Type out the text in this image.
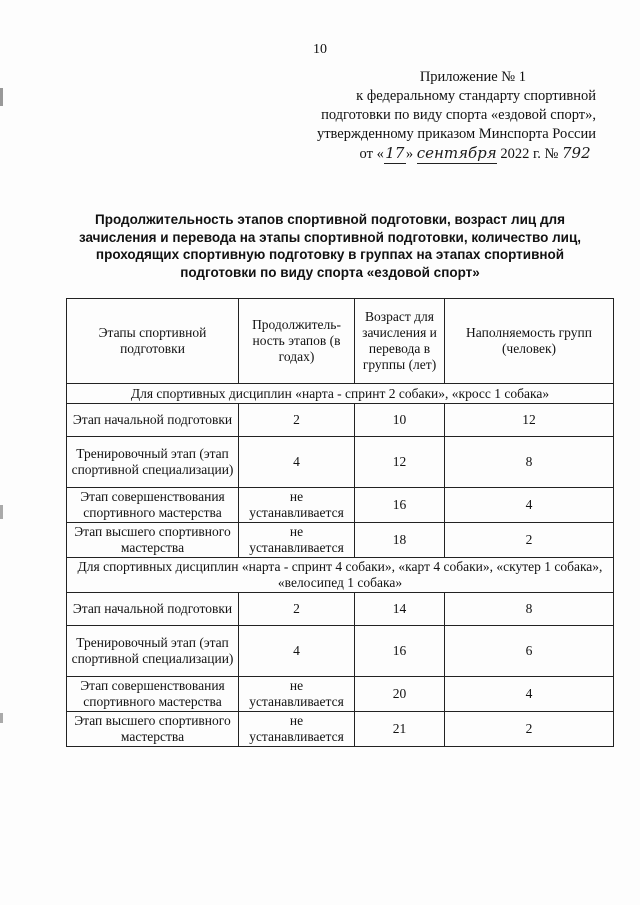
10
Приложение № 1
к федеральному стандарту спортивной
подготовки по виду спорта «ездовой спорт»,
утвержденному приказом Минспорта России
от «17» сентября 2022 г. № 792
Продолжительность этапов спортивной подготовки, возраст лиц для зачисления и перевода на этапы спортивной подготовки, количество лиц, проходящих спортивную подготовку в группах на этапах спортивной подготовки по виду спорта «ездовой спорт»
Этапы спортивной подготовки	Продолжитель-ность этапов (в годах)	Возраст для зачисления и перевода в группы (лет)	Наполняемость групп (человек)
Для спортивных дисциплин «нарта - спринт 2 собаки», «кросс 1 собака»			
Этап начальной подготовки	2	10	12
Тренировочный этап (этап спортивной специализации)	4	12	8
Этап совершенствования спортивного мастерства	не устанавливается	16	4
Этап высшего спортивного мастерства	не устанавливается	18	2
Для спортивных дисциплин «нарта - спринт 4 собаки», «карт 4 собаки», «скутер 1 собака», «велосипед 1 собака»			
Этап начальной подготовки	2	14	8
Тренировочный этап (этап спортивной специализации)	4	16	6
Этап совершенствования спортивного мастерства	не устанавливается	20	4
Этап высшего спортивного мастерства	не устанавливается	21	2
